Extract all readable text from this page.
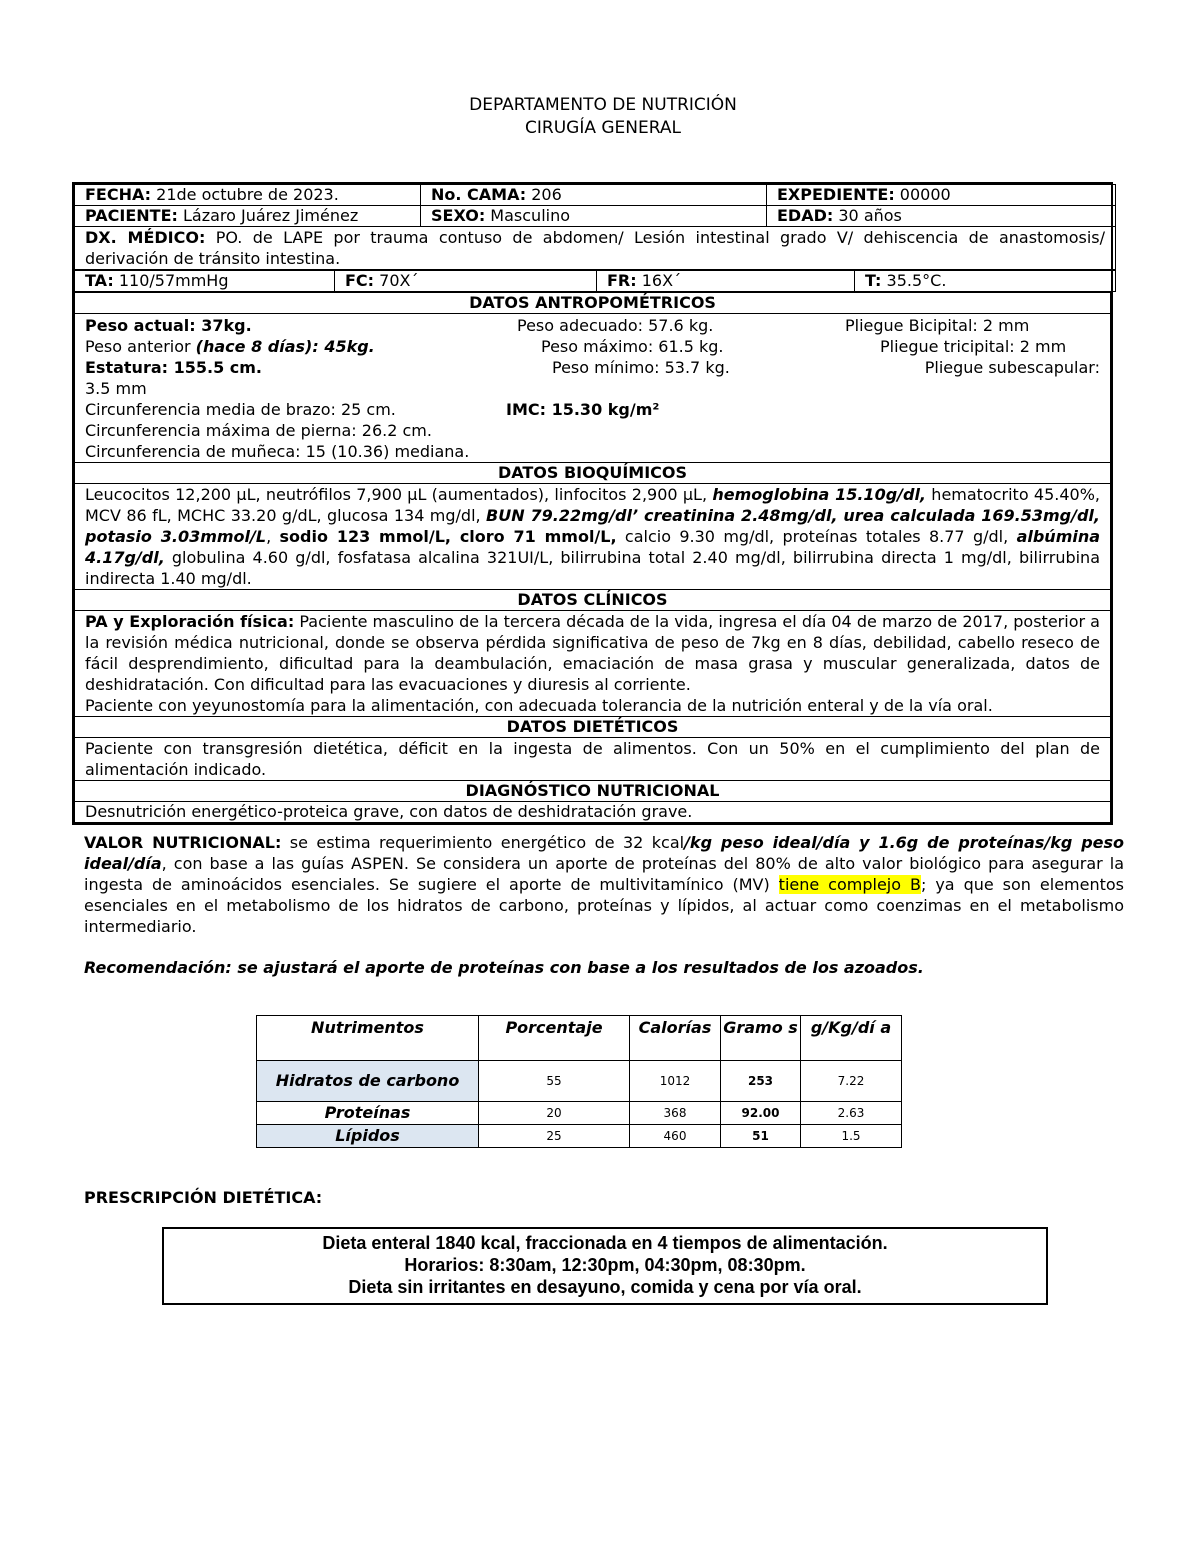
DEPARTAMENTO DE NUTRICIÓN
CIRUGÍA GENERAL
FECHA: 21de octubre de 2023.	No. CAMA: 206	EXPEDIENTE: 00000
PACIENTE: Lázaro Juárez Jiménez	SEXO: Masculino	EDAD: 30 años
DX. MÉDICO: PO. de LAPE por trauma contuso de abdomen/ Lesión intestinal grado V/ dehiscencia de anastomosis/ derivación de tránsito intestina.		
TA: 110/57mmHg	FC: 70X´	FR: 16X´	T: 35.5°C.
DATOS ANTROPOMÉTRICOS

Peso actual: 37kg.	Peso adecuado: 57.6 kg.	Pliegue Bicipital: 2 mm
Peso anterior (hace 8 días): 45kg.	Peso máximo: 61.5 kg.	Pliegue tricipital: 2 mm
Estatura: 155.5 cm.	Peso mínimo: 53.7 kg.	Pliegue subescapular:
3.5 mm
Circunferencia media de brazo: 25 cm.	IMC: 15.30 kg/m²
Circunferencia máxima de pierna: 26.2 cm.
Circunferencia de muñeca: 15 (10.36) mediana.

DATOS BIOQUÍMICOS
Leucocitos 12,200 µL, neutrófilos 7,900 µL (aumentados), linfocitos 2,900 µL, hemoglobina 15.10g/dl, hematocrito 45.40%, MCV 86 fL, MCHC 33.20 g/dL, glucosa 134 mg/dl, BUN 79.22mg/dl’ creatinina 2.48mg/dl, urea calculada 169.53mg/dl, potasio 3.03mmol/L, sodio 123 mmol/L, cloro 71 mmol/L, calcio 9.30 mg/dl, proteínas totales 8.77 g/dl, albúmina 4.17g/dl, globulina 4.60 g/dl, fosfatasa alcalina 321UI/L, bilirrubina total 2.40 mg/dl, bilirrubina directa 1 mg/dl, bilirrubina indirecta 1.40 mg/dl.
DATOS CLÍNICOS
PA y Exploración física: Paciente masculino de la tercera década de la vida, ingresa el día 04 de marzo de 2017, posterior a la revisión médica nutricional, donde se observa pérdida significativa de peso de 7kg en 8 días, debilidad, cabello reseco de fácil desprendimiento, dificultad para la deambulación, emaciación de masa grasa y muscular generalizada, datos de deshidratación. Con dificultad para las evacuaciones y diuresis al corriente.
Paciente con yeyunostomía para la alimentación, con adecuada tolerancia de la nutrición enteral y de la vía oral.
DATOS DIETÉTICOS
Paciente con transgresión dietética, déficit en la ingesta de alimentos. Con un 50% en el cumplimiento del plan de alimentación indicado.
DIAGNÓSTICO NUTRICIONAL
Desnutrición energético-proteica grave, con datos de deshidratación grave.
VALOR NUTRICIONAL: se estima requerimiento energético de 32 kcal/kg peso ideal/día y 1.6g de proteínas/kg peso ideal/día, con base a las guías ASPEN. Se considera un aporte de proteínas del 80% de alto valor biológico para asegurar la ingesta de aminoácidos esenciales. Se sugiere el aporte de multivitamínico (MV) tiene complejo B; ya que son elementos esenciales en el metabolismo de los hidratos de carbono, proteínas y lípidos, al actuar como coenzimas en el metabolismo intermediario.
Recomendación: se ajustará el aporte de proteínas con base a los resultados de los azoados.
Nutrimentos	Porcentaje	Calorías	Gramo s	g/Kg/dí a
Hidratos de carbono	55	1012	253	7.22
Proteínas	20	368	92.00	2.63
Lípidos	25	460	51	1.5
PRESCRIPCIÓN DIETÉTICA:
Dieta enteral 1840 kcal, fraccionada en 4 tiempos de alimentación.
Horarios: 8:30am, 12:30pm, 04:30pm, 08:30pm.
Dieta sin irritantes en desayuno, comida y cena por vía oral.
